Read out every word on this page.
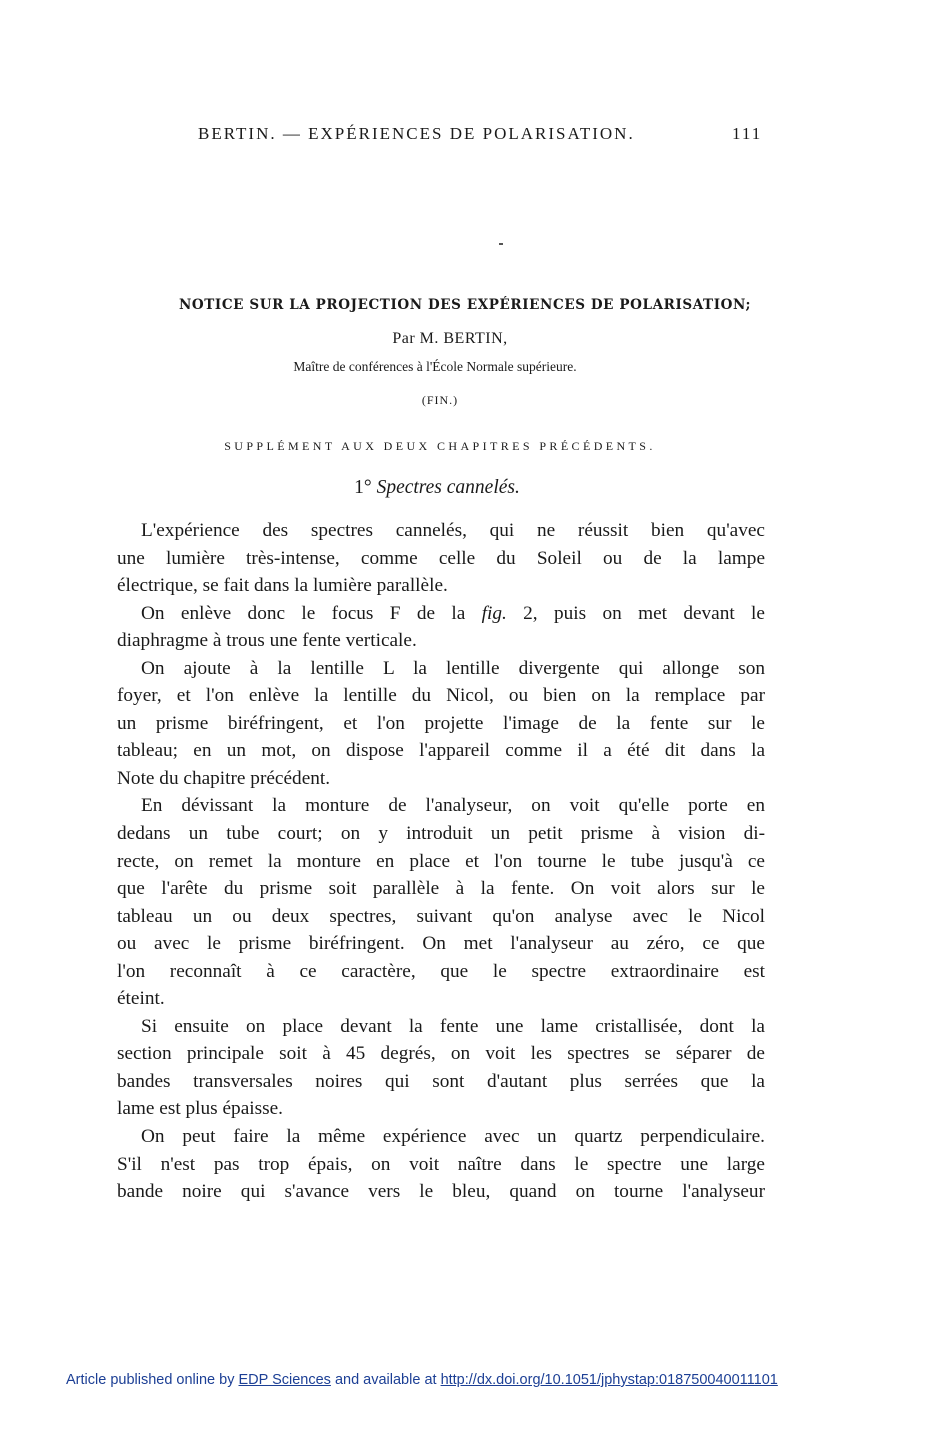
BERTIN. — EXPÉRIENCES DE POLARISATION.	111
NOTICE SUR LA PROJECTION DES EXPÉRIENCES DE POLARISATION;
Par M. BERTIN,
Maître de conférences à l'École Normale supérieure.
(FIN.)
SUPPLÉMENT AUX DEUX CHAPITRES PRÉCÉDENTS.
1° Spectres cannelés.
L'expérience des spectres cannelés, qui ne réussit bien qu'avec
une lumière très-intense, comme celle du Soleil ou de la lampe
électrique, se fait dans la lumière parallèle.
On enlève donc le focus F de la fig. 2, puis on met devant le
diaphragme à trous une fente verticale.
On ajoute à la lentille L la lentille divergente qui allonge son
foyer, et l'on enlève la lentille du Nicol, ou bien on la remplace par
un prisme biréfringent, et l'on projette l'image de la fente sur le
tableau; en un mot, on dispose l'appareil comme il a été dit dans la
Note du chapitre précédent.
En dévissant la monture de l'analyseur, on voit qu'elle porte en
dedans un tube court; on y introduit un petit prisme à vision di-
recte, on remet la monture en place et l'on tourne le tube jusqu'à ce
que l'arête du prisme soit parallèle à la fente. On voit alors sur le
tableau un ou deux spectres, suivant qu'on analyse avec le Nicol
ou avec le prisme biréfringent. On met l'analyseur au zéro, ce que
l'on reconnaît à ce caractère, que le spectre extraordinaire est
éteint.
Si ensuite on place devant la fente une lame cristallisée, dont la
section principale soit à 45 degrés, on voit les spectres se séparer de
bandes transversales noires qui sont d'autant plus serrées que la
lame est plus épaisse.
On peut faire la même expérience avec un quartz perpendiculaire.
S'il n'est pas trop épais, on voit naître dans le spectre une large
bande noire qui s'avance vers le bleu, quand on tourne l'analyseur
Article published online by EDP Sciences and available at http://dx.doi.org/10.1051/jphystap:018750040011101
